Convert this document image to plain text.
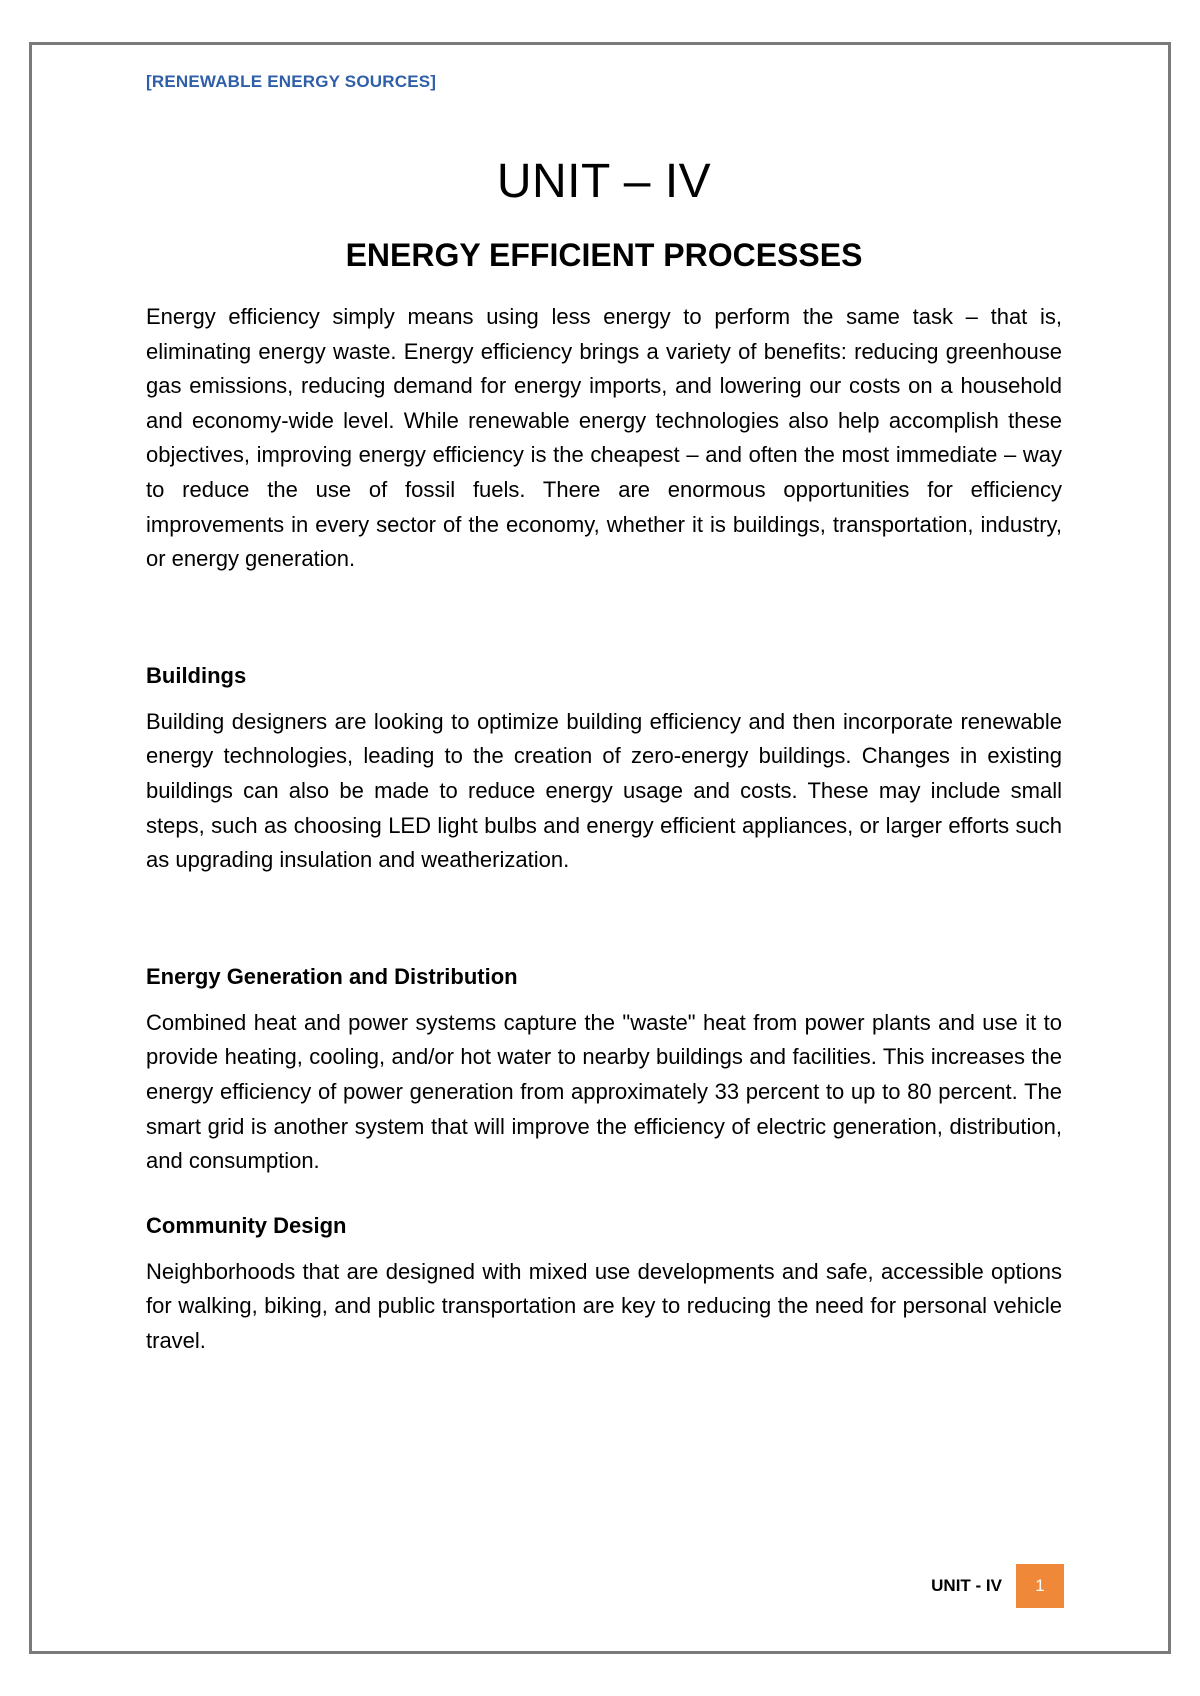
[RENEWABLE ENERGY SOURCES]
UNIT – IV
ENERGY EFFICIENT PROCESSES

Energy efficiency simply means using less energy to perform the same task – that is, eliminating energy waste. Energy efficiency brings a variety of benefits: reducing greenhouse gas emissions, reducing demand for energy imports, and lowering our costs on a household and economy-wide level. While renewable energy technologies also help accomplish these objectives, improving energy efficiency is the cheapest – and often the most immediate – way to reduce the use of fossil fuels. There are enormous opportunities for efficiency improvements in every sector of the economy, whether it is buildings, transportation, industry, or energy generation.

Buildings

Building designers are looking to optimize building efficiency and then incorporate renewable energy technologies, leading to the creation of zero-energy buildings. Changes in existing buildings can also be made to reduce energy usage and costs. These may include small steps, such as choosing LED light bulbs and energy efficient appliances, or larger efforts such as upgrading insulation and weatherization.

Energy Generation and Distribution

Combined heat and power systems capture the "waste" heat from power plants and use it to provide heating, cooling, and/or hot water to nearby buildings and facilities. This increases the energy efficiency of power generation from approximately 33 percent to up to 80 percent. The smart grid is another system that will improve the efficiency of electric generation, distribution, and consumption.

Community Design

Neighborhoods that are designed with mixed use developments and safe, accessible options for walking, biking, and public transportation are key to reducing the need for personal vehicle travel.

UNIT - IV	1
